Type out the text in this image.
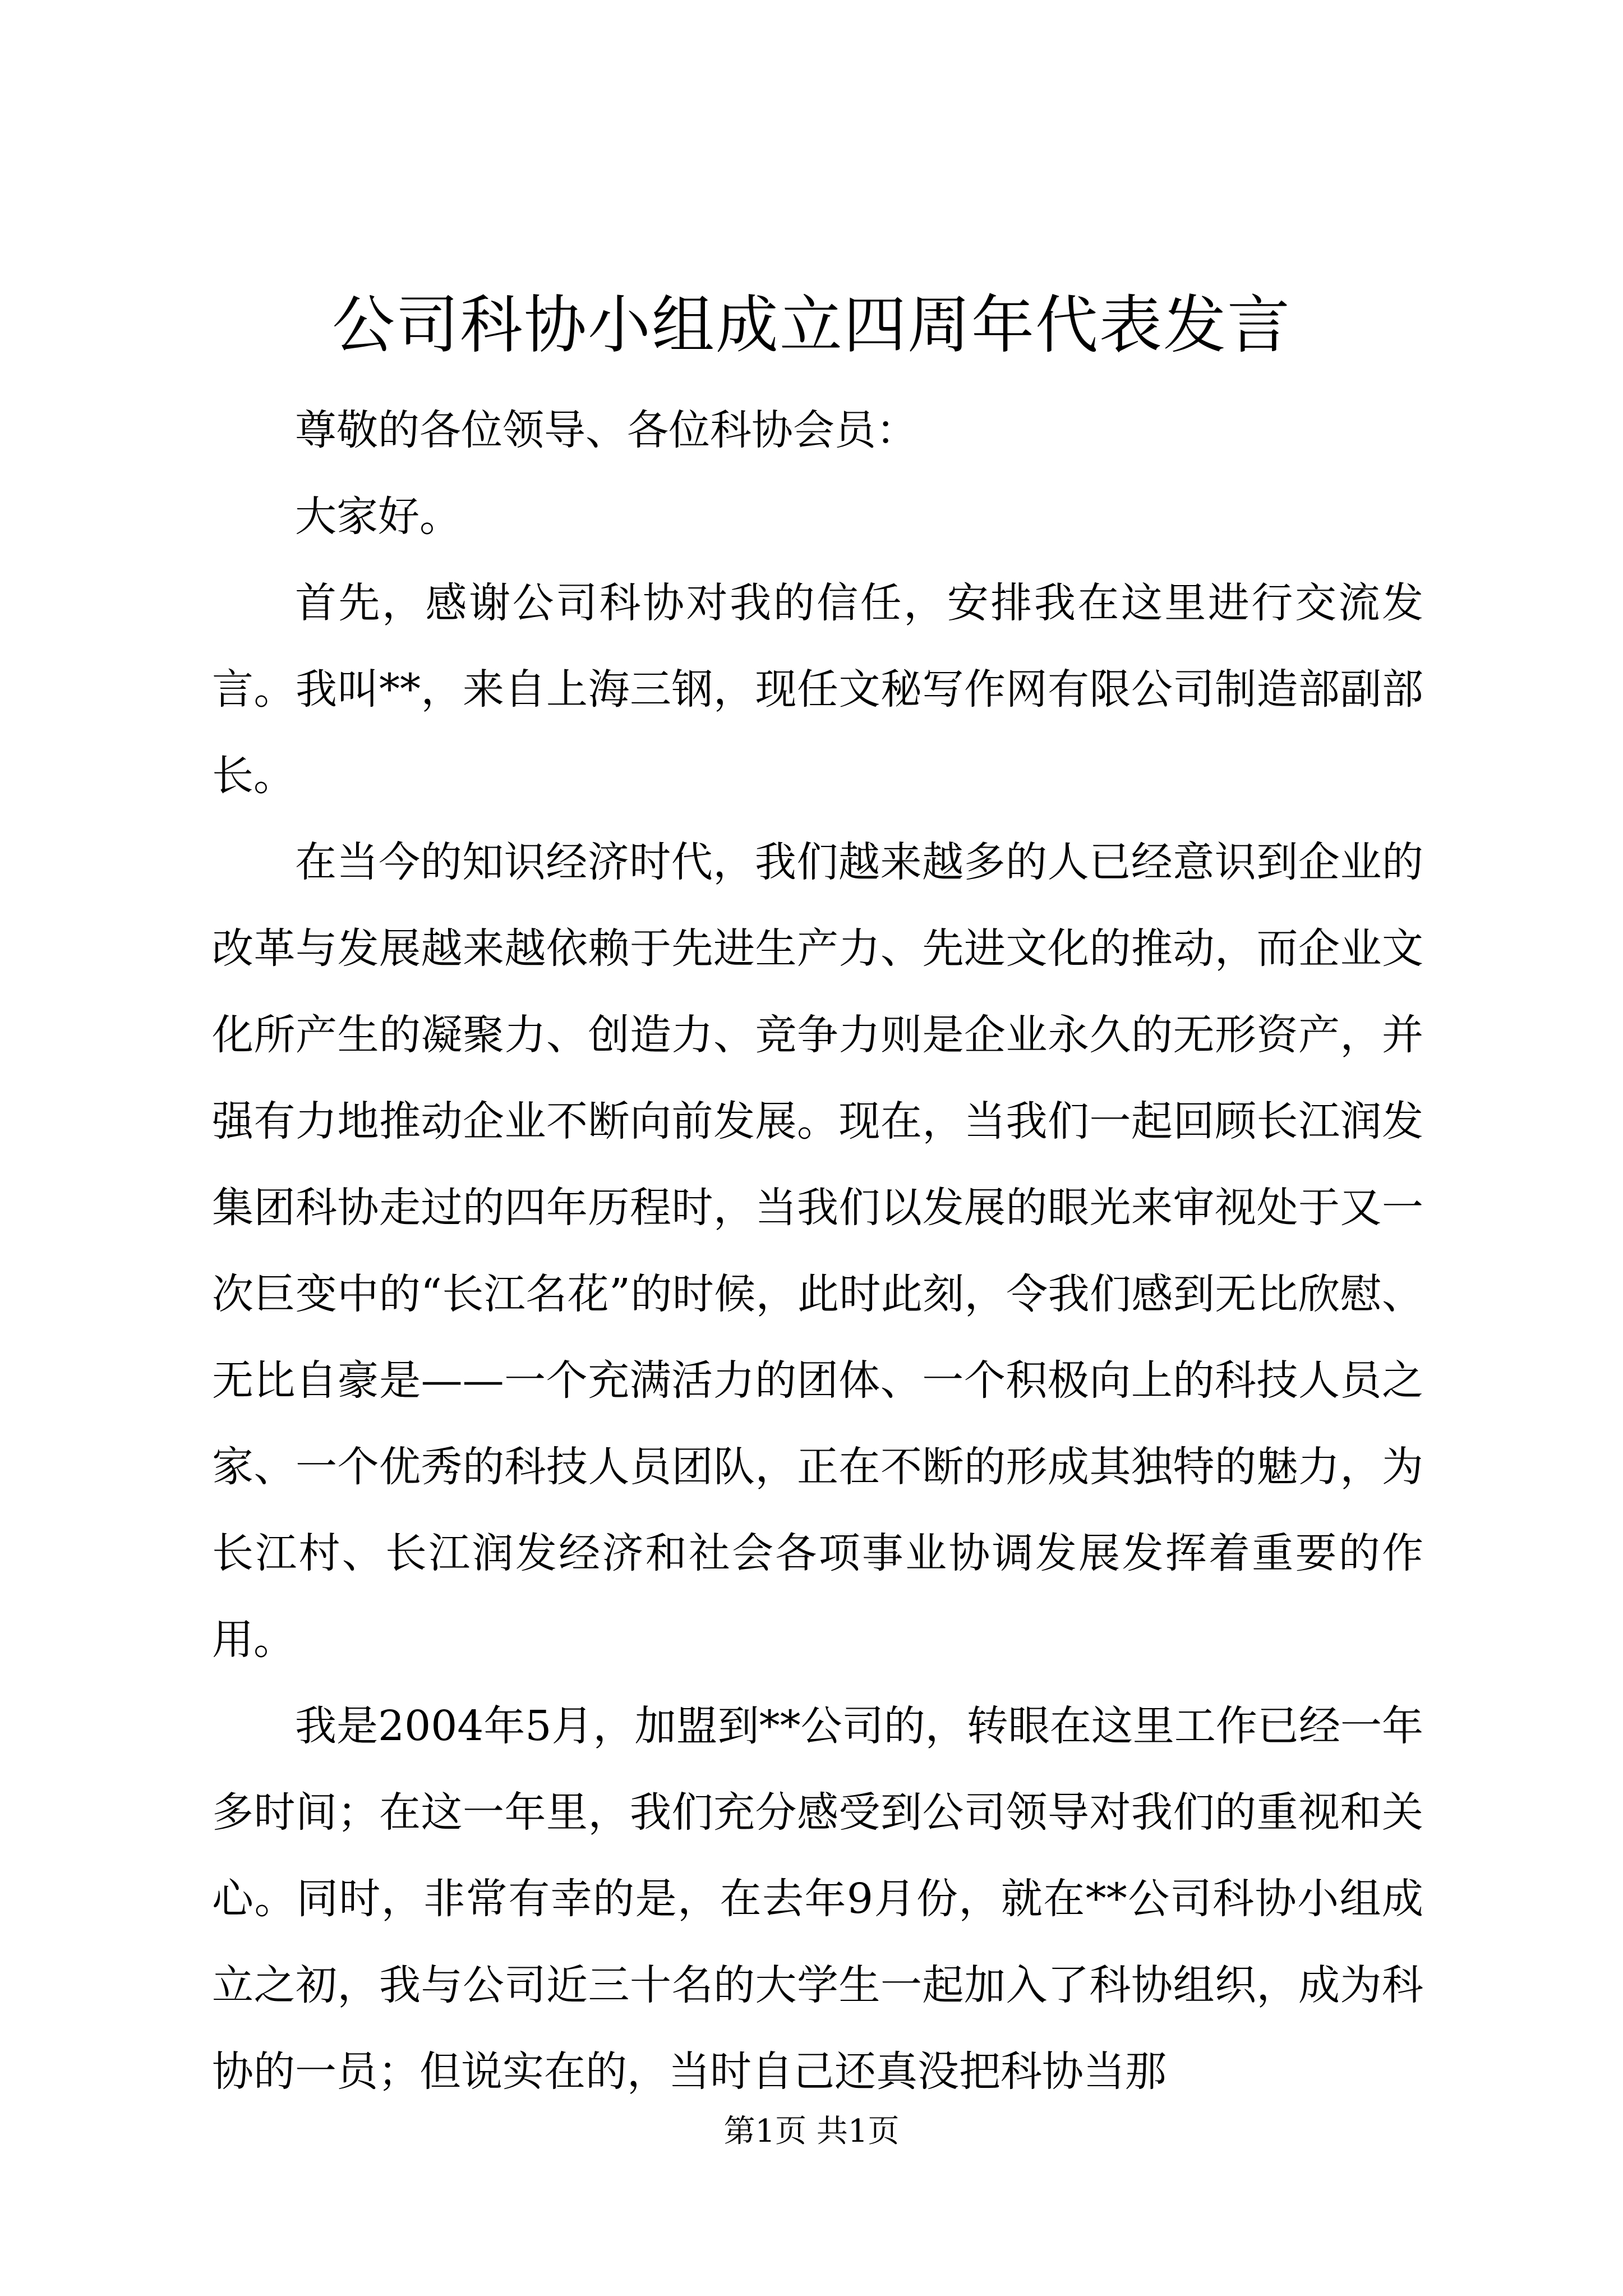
公司科协小组成立四周年代表发言

尊敬的各位领导、各位科协会员：

大家好。

首先，感谢公司科协对我的信任，安排我在这里进行交流发言。我叫**，来自上海三钢，现任文秘写作网有限公司制造部副部长。

在当今的知识经济时代，我们越来越多的人已经意识到企业的改革与发展越来越依赖于先进生产力、先进文化的推动，而企业文化所产生的凝聚力、创造力、竞争力则是企业永久的无形资产，并强有力地推动企业不断向前发展。现在，当我们一起回顾长江润发集团科协走过的四年历程时，当我们以发展的眼光来审视处于又一次巨变中的“长江名花”的时候，此时此刻，令我们感到无比欣慰、无比自豪是——一个充满活力的团体、一个积极向上的科技人员之家、一个优秀的科技人员团队，正在不断的形成其独特的魅力，为长江村、长江润发经济和社会各项事业协调发展发挥着重要的作用。

我是2004年5月，加盟到**公司的，转眼在这里工作已经一年多时间；在这一年里，我们充分感受到公司领导对我们的重视和关心。同时，非常有幸的是，在去年9月份，就在**公司科协小组成立之初，我与公司近三十名的大学生一起加入了科协组织，成为科协的一员；但说实在的，当时自己还真没把科协当那

第1页 共1页
